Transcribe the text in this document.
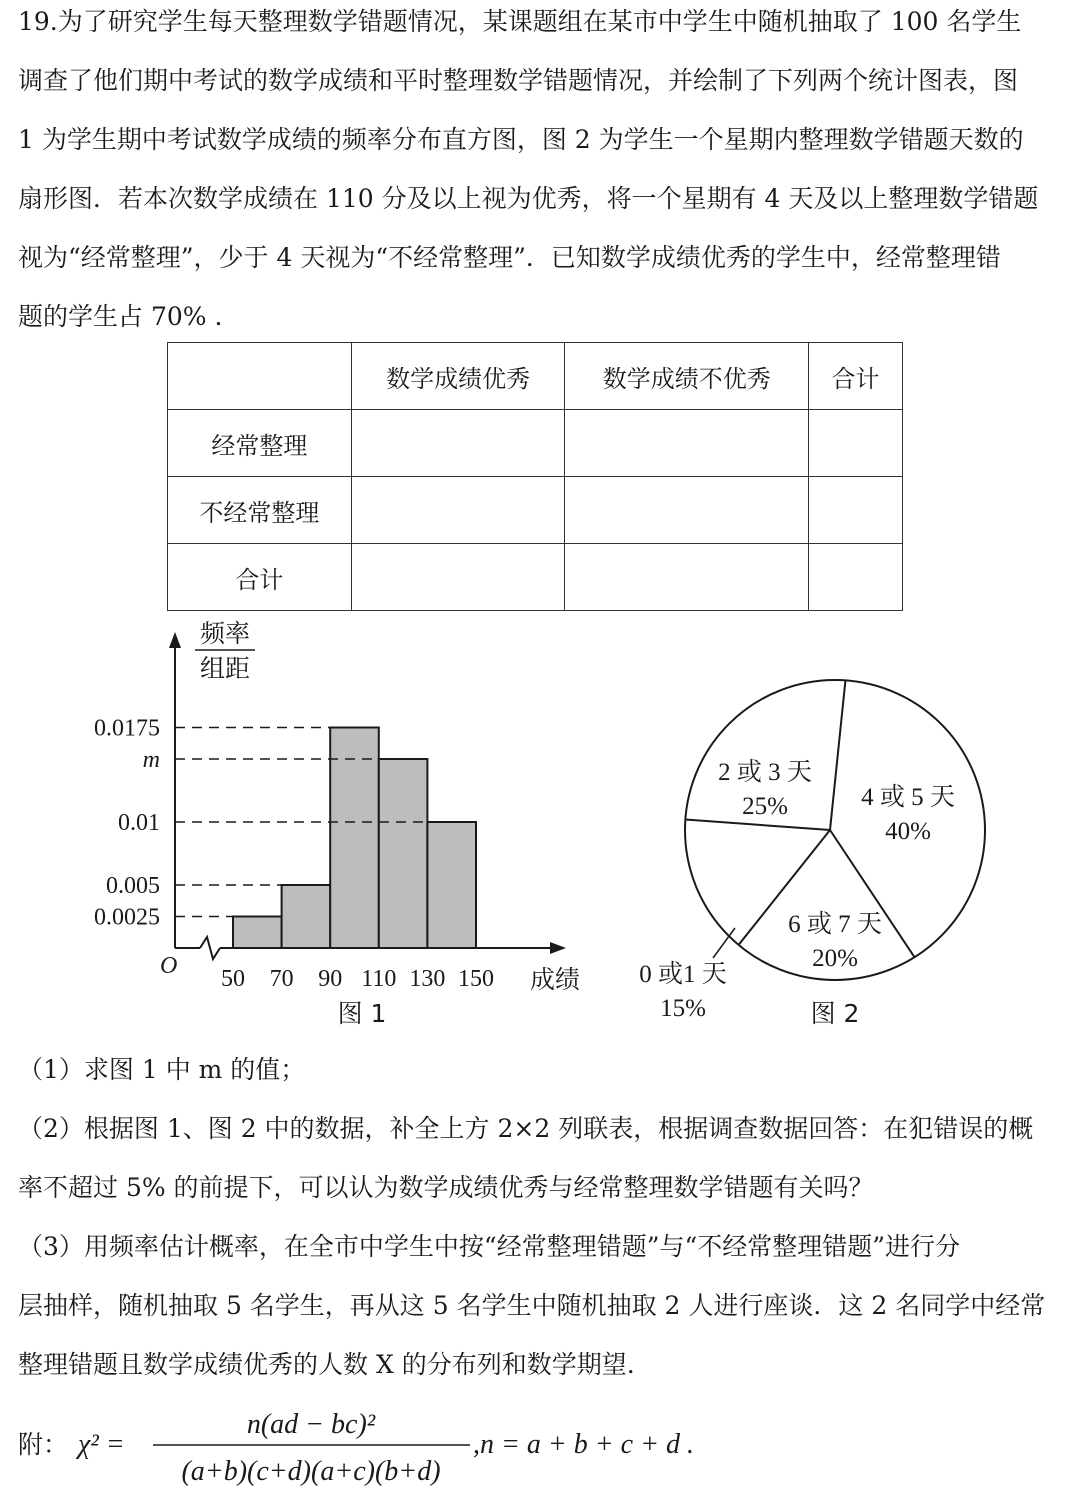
19.为了研究学生每天整理数学错题情况，某课题组在某市中学生中随机抽取了 100 名学生

调查了他们期中考试的数学成绩和平时整理数学错题情况，并绘制了下列两个统计图表，图

1 为学生期中考试数学成绩的频率分布直方图，图 2 为学生一个星期内整理数学错题天数的

扇形图．若本次数学成绩在 110 分及以上视为优秀，将一个星期有 4 天及以上整理数学错题

视为“经常整理”，少于 4 天视为“不经常整理”．已知数学成绩优秀的学生中，经常整理错

题的学生占 70% .

	数学成绩优秀	数学成绩不优秀	合计
经常整理			
不经常整理			
合计			
频率
组距
O	成绩
图 1
0.0175
m
0.01
0.005
0.0025
50 70 90 110 130 150
4 或 5 天
40%
6 或 7 天
20%
0 或1 天
15%
2 或 3 天
25%
图 2

（1）求图 1 中 m 的值；

（2）根据图 1、图 2 中的数据，补全上方 2×2 列联表，根据调查数据回答：在犯错误的概

率不超过 5% 的前提下，可以认为数学成绩优秀与经常整理数学错题有关吗？

（3）用频率估计概率，在全市中学生中按“经常整理错题”与“不经常整理错题”进行分

层抽样，随机抽取 5 名学生，再从这 5 名学生中随机抽取 2 人进行座谈．这 2 名同学中经常

整理错题且数学成绩优秀的人数 X 的分布列和数学期望.

附： χ² =
n(ad − bc)²
(a+b)(c+d)(a+c)(b+d)
,n = a + b + c + d .
